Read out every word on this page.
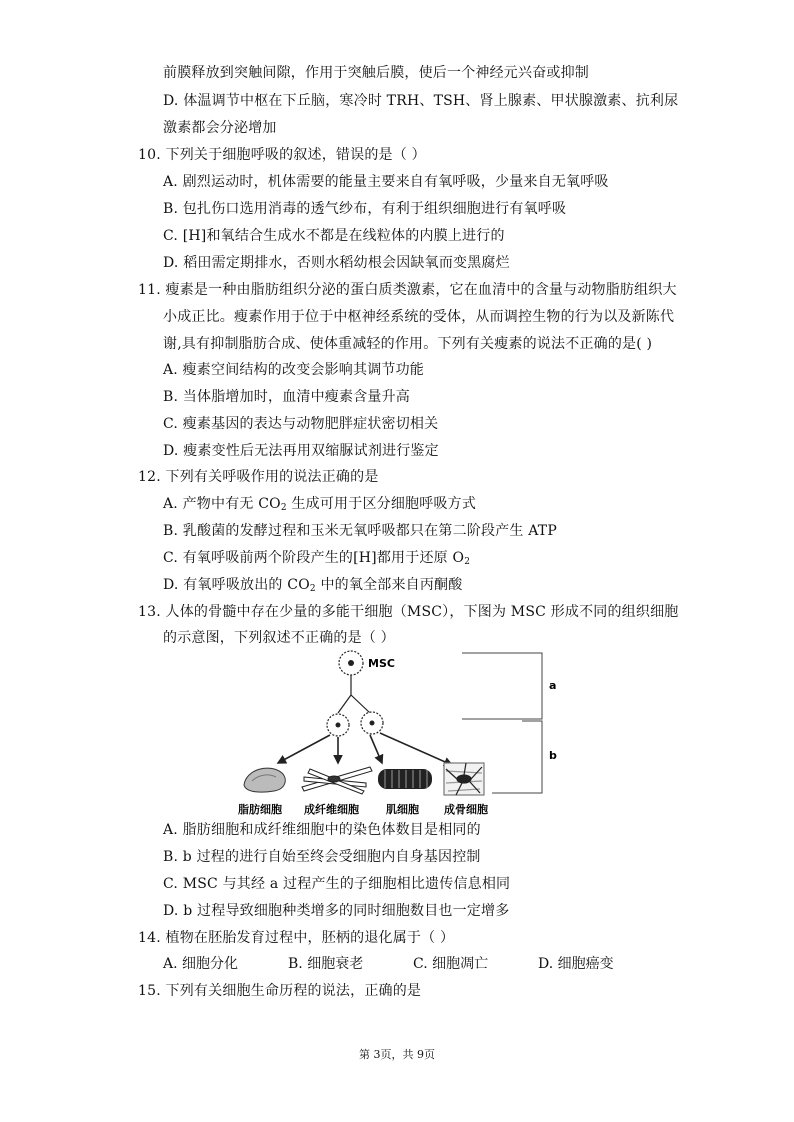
前膜释放到突触间隙，作用于突触后膜，使后一个神经元兴奋或抑制
D. 体温调节中枢在下丘脑，寒冷时 TRH、TSH、肾上腺素、甲状腺激素、抗利尿
激素都会分泌增加
10. 下列关于细胞呼吸的叙述，错误的是（ ）
A. 剧烈运动时，机体需要的能量主要来自有氧呼吸，少量来自无氧呼吸
B. 包扎伤口选用消毒的透气纱布，有利于组织细胞进行有氧呼吸
C. [H]和氧结合生成水不都是在线粒体的内膜上进行的
D. 稻田需定期排水，否则水稻幼根会因缺氧而变黑腐烂
11. 瘦素是一种由脂肪组织分泌的蛋白质类激素，它在血清中的含量与动物脂肪组织大
小成正比。瘦素作用于位于中枢神经系统的受体，从而调控生物的行为以及新陈代
谢,具有抑制脂肪合成、使体重减轻的作用。下列有关瘦素的说法不正确的是( )
A. 瘦素空间结构的改变会影响其调节功能
B. 当体脂增加时，血清中瘦素含量升高
C. 瘦素基因的表达与动物肥胖症状密切相关
D. 瘦素变性后无法再用双缩脲试剂进行鉴定
12. 下列有关呼吸作用的说法正确的是
A. 产物中有无 $CO_2$ 生成可用于区分细胞呼吸方式
B. 乳酸菌的发酵过程和玉米无氧呼吸都只在第二阶段产生 ATP
C. 有氧呼吸前两个阶段产生的[H]都用于还原 $O_2$
D. 有氧呼吸放出的 $CO_2$ 中的氧全部来自丙酮酸
13. 人体的骨髓中存在少量的多能干细胞（MSC），下图为 MSC 形成不同的组织细胞
的示意图，下列叙述不正确的是（ ）
MSC
脂肪细胞 成纤维细胞 肌细胞 成骨细胞
a
b
A. 脂肪细胞和成纤维细胞中的染色体数目是相同的
B. b 过程的进行自始至终会受细胞内自身基因控制
C. MSC 与其经 a 过程产生的子细胞相比遗传信息相同
D. b 过程导致细胞种类增多的同时细胞数目也一定增多
14. 植物在胚胎发育过程中，胚柄的退化属于（ ）
A. 细胞分化	B. 细胞衰老	C. 细胞凋亡	D. 细胞癌变
15. 下列有关细胞生命历程的说法，正确的是
第 3页，共 9页
